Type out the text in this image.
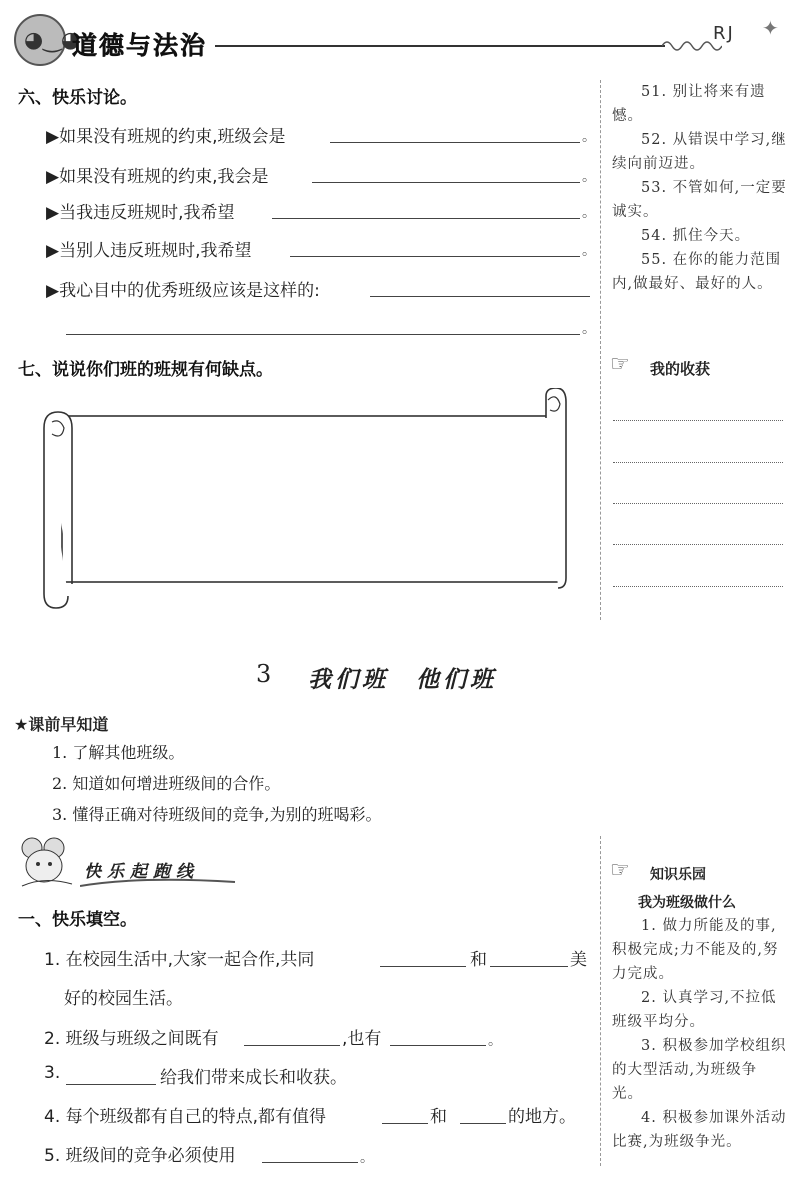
◕‿◕
道德与法治	RJ ✦
六、快乐讨论。
▶如果没有班规的约束,班级会是	。
▶如果没有班规的约束,我会是	。
▶当我违反班规时,我希望	。
▶当别人违反班规时,我希望	。
▶我心目中的优秀班级应该是这样的:
。
七、说说你们班的班规有何缺点。
51. 别让将来有遗憾。
52. 从错误中学习,继续向前迈进。
53. 不管如何,一定要诚实。
54. 抓住今天。
55. 在你的能力范围内,做最好、最好的人。
☞ 我的收获
3 我们班　他们班
★课前早知道
1. 了解其他班级。
2. 知道如何增进班级间的合作。
3. 懂得正确对待班级间的竞争,为别的班喝彩。
快乐起跑线
一、快乐填空。
1. 在校园生活中,大家一起合作,共同	和	美
好的校园生活。
2. 班级与班级之间既有	,也有	。
3.	给我们带来成长和收获。
4. 每个班级都有自己的特点,都有值得	和	的地方。
5. 班级间的竞争必须使用	。
☞ 知识乐园
我为班级做什么
1. 做力所能及的事,积极完成;力不能及的,努力完成。
2. 认真学习,不拉低班级平均分。
3. 积极参加学校组织的大型活动,为班级争光。
4. 积极参加课外活动比赛,为班级争光。
